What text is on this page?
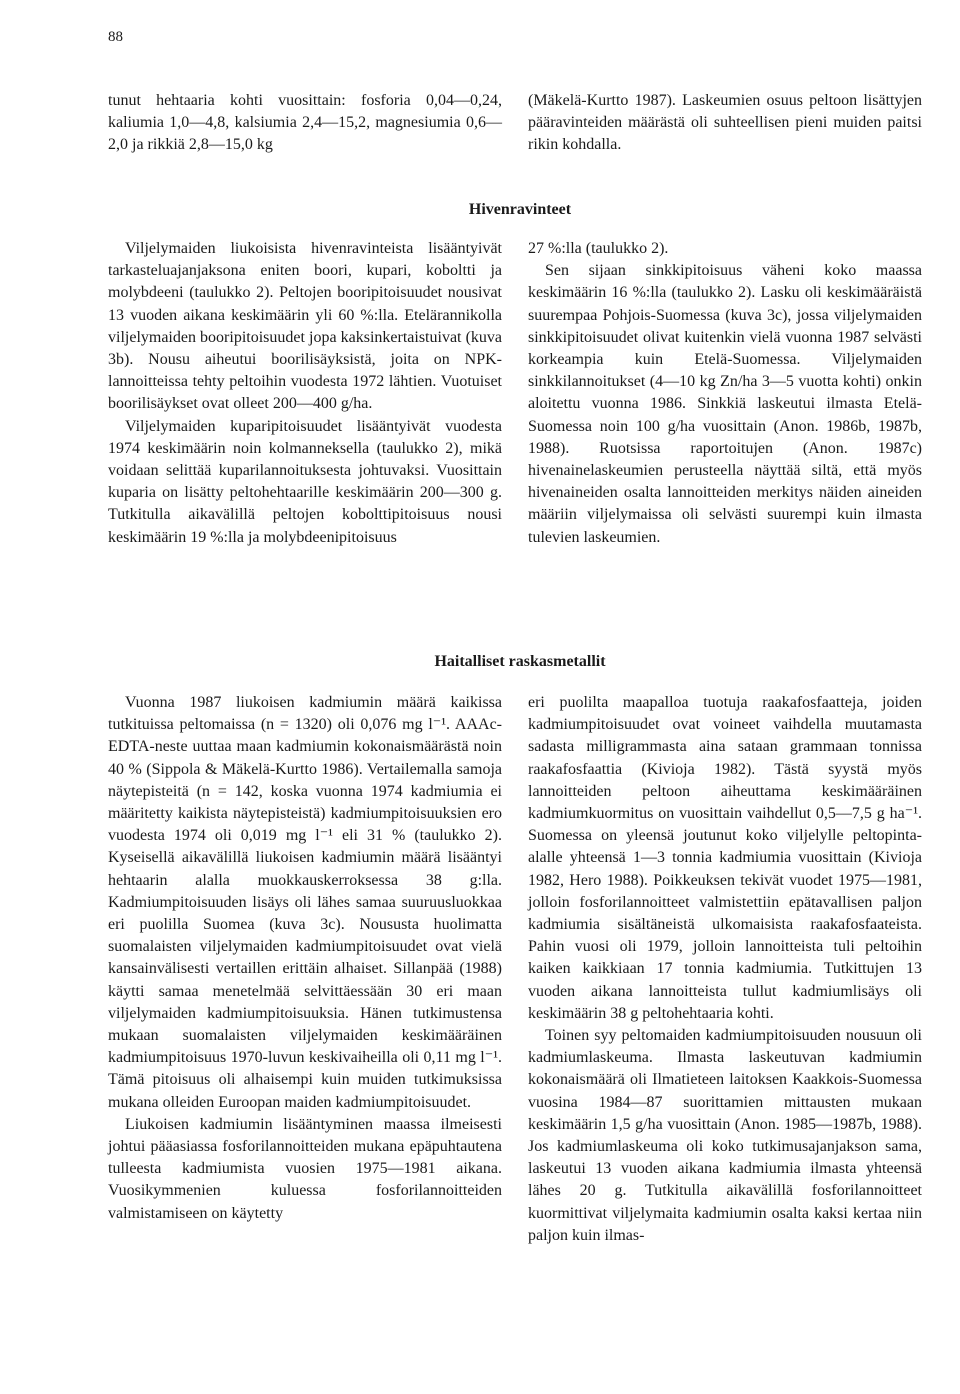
88

tunut hehtaaria kohti vuosittain: fosforia 0,04—0,24, kaliumia 1,0—4,8, kalsiumia 2,4—15,2, magnesiumia 0,6—2,0 ja rikkiä 2,8—15,0 kg

(Mäkelä-Kurtto 1987). Laskeumien osuus peltoon lisättyjen pääravinteiden määrästä oli suhteellisen pieni muiden paitsi rikin kohdalla.

Hivenravinteet

Viljelymaiden liukoisista hivenravinteista lisääntyivät tarkasteluajanjaksona eniten boori, kupari, koboltti ja molybdeeni (taulukko 2). Peltojen booripitoisuudet nousivat 13 vuoden aikana keskimäärin yli 60 %:lla. Etelärannikolla viljelymaiden booripitoisuudet jopa kaksinkertaistuivat (kuva 3b). Nousu aiheutui boorilisäyksistä, joita on NPK-lannoitteissa tehty peltoihin vuodesta 1972 lähtien. Vuotuiset boorilisäykset ovat olleet 200—400 g/ha.

Viljelymaiden kuparipitoisuudet lisääntyivät vuodesta 1974 keskimäärin noin kolmanneksella (taulukko 2), mikä voidaan selittää kuparilannoituksesta johtuvaksi. Vuosittain kuparia on lisätty peltohehtaarille keskimäärin 200—300 g. Tutkitulla aikavälillä peltojen kobolttipitoisuus nousi keskimäärin 19 %:lla ja molybdeenipitoisuus

27 %:lla (taulukko 2).

Sen sijaan sinkkipitoisuus väheni koko maassa keskimäärin 16 %:lla (taulukko 2). Lasku oli keskimääräistä suurempaa Pohjois-Suomessa (kuva 3c), jossa viljelymaiden sinkkipitoisuudet olivat kuitenkin vielä vuonna 1987 selvästi korkeampia kuin Etelä-Suomessa. Viljelymaiden sinkkilannoitukset (4—10 kg Zn/ha 3—5 vuotta kohti) onkin aloitettu vuonna 1986. Sinkkiä laskeutui ilmasta Etelä-Suomessa noin 100 g/ha vuosittain (Anon. 1986b, 1987b, 1988). Ruotsissa raportoitujen (Anon. 1987c) hivenainelaskeumien perusteella näyttää siltä, että myös hivenaineiden osalta lannoitteiden merkitys näiden aineiden määriin viljelymaissa oli selvästi suurempi kuin ilmasta tulevien laskeumien.

Haitalliset raskasmetallit

Vuonna 1987 liukoisen kadmiumin määrä kaikissa tutkituissa peltomaissa (n = 1320) oli 0,076 mg l⁻¹. AAAc-EDTA-neste uuttaa maan kadmiumin kokonaismäärästä noin 40 % (Sippola & Mäkelä-Kurtto 1986). Vertailemalla samoja näytepisteitä (n = 142, koska vuonna 1974 kadmiumia ei määritetty kaikista näytepisteistä) kadmiumpitoisuuksien ero vuodesta 1974 oli 0,019 mg l⁻¹ eli 31 % (taulukko 2). Kyseisellä aikavälillä liukoisen kadmiumin määrä lisääntyi hehtaarin alalla muokkauskerroksessa 38 g:lla. Kadmiumpitoisuuden lisäys oli lähes samaa suuruusluokkaa eri puolilla Suomea (kuva 3c). Noususta huolimatta suomalaisten viljelymaiden kadmiumpitoisuudet ovat vielä kansainvälisesti vertaillen erittäin alhaiset. Sillanpää (1988) käytti samaa menetelmää selvittäessään 30 eri maan viljelymaiden kadmiumpitoisuuksia. Hänen tutkimustensa mukaan suomalaisten viljelymaiden keskimääräinen kadmiumpitoisuus 1970-luvun keskivaiheilla oli 0,11 mg l⁻¹. Tämä pitoisuus oli alhaisempi kuin muiden tutkimuksissa mukana olleiden Euroopan maiden kadmiumpitoisuudet.

Liukoisen kadmiumin lisääntyminen maassa ilmeisesti johtui pääasiassa fosforilannoitteiden mukana epäpuhtautena tulleesta kadmiumista vuosien 1975—1981 aikana. Vuosikymmenien kuluessa fosforilannoitteiden valmistamiseen on käytetty

eri puolilta maapalloa tuotuja raakafosfaatteja, joiden kadmiumpitoisuudet ovat voineet vaihdella muutamasta sadasta milligrammasta aina sataan grammaan tonnissa raakafosfaattia (Kivioja 1982). Tästä syystä myös lannoitteiden peltoon aiheuttama keskimääräinen kadmiumkuormitus on vuosittain vaihdellut 0,5—7,5 g ha⁻¹. Suomessa on yleensä joutunut koko viljelylle peltopinta-alalle yhteensä 1—3 tonnia kadmiumia vuosittain (Kivioja 1982, Hero 1988). Poikkeuksen tekivät vuodet 1975—1981, jolloin fosforilannoitteet valmistettiin epätavallisen paljon kadmiumia sisältäneistä ulkomaisista raakafosfaateista. Pahin vuosi oli 1979, jolloin lannoitteista tuli peltoihin kaiken kaikkiaan 17 tonnia kadmiumia. Tutkittujen 13 vuoden aikana lannoitteista tullut kadmiumlisäys oli keskimäärin 38 g peltohehtaaria kohti.

Toinen syy peltomaiden kadmiumpitoisuuden nousuun oli kadmiumlaskeuma. Ilmasta laskeutuvan kadmiumin kokonaismäärä oli Ilmatieteen laitoksen Kaakkois-Suomessa vuosina 1984—87 suorittamien mittausten mukaan keskimäärin 1,5 g/ha vuosittain (Anon. 1985—1987b, 1988). Jos kadmiumlaskeuma oli koko tutkimusajanjakson sama, laskeutui 13 vuoden aikana kadmiumia ilmasta yhteensä lähes 20 g. Tutkitulla aikavälillä fosforilannoitteet kuormittivat viljelymaita kadmiumin osalta kaksi kertaa niin paljon kuin ilmas-
